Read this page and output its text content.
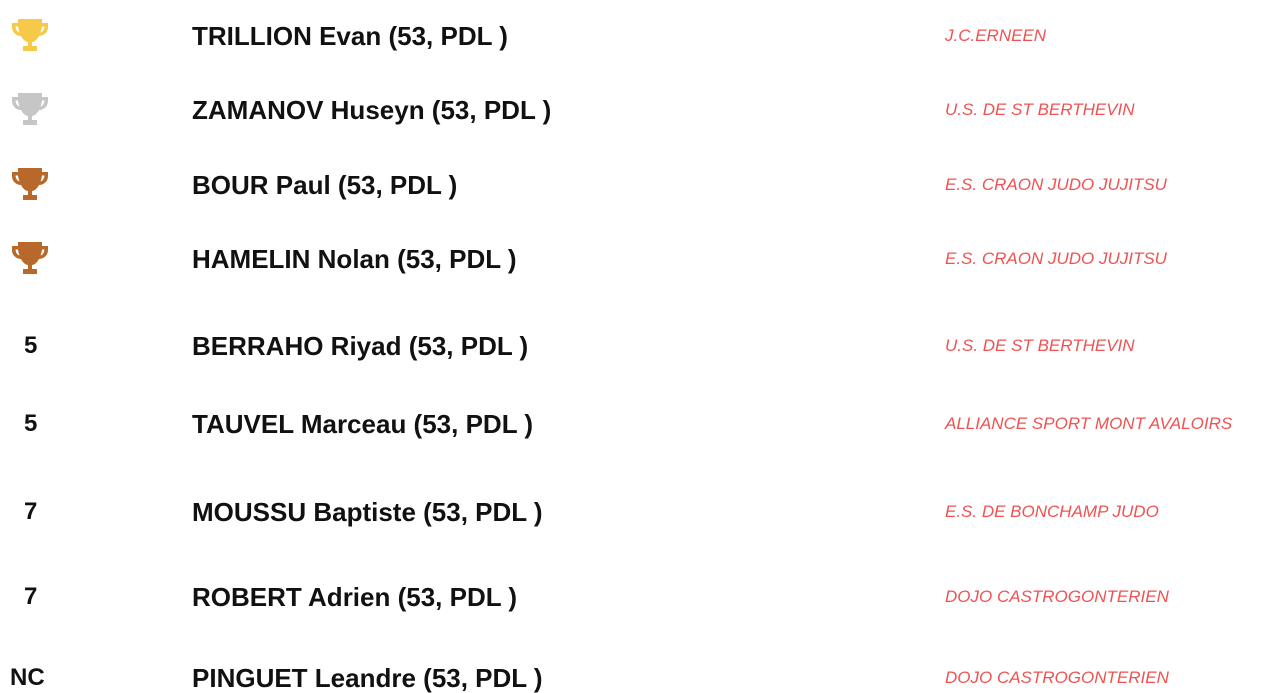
TRILLION Evan (53, PDL )	J.C.ERNEEN
ZAMANOV Huseyn (53, PDL )	U.S. DE ST BERTHEVIN
BOUR Paul (53, PDL )	E.S. CRAON JUDO JUJITSU
HAMELIN Nolan (53, PDL )	E.S. CRAON JUDO JUJITSU
5	BERRAHO Riyad (53, PDL )	U.S. DE ST BERTHEVIN
5	TAUVEL Marceau (53, PDL )	ALLIANCE SPORT MONT AVALOIRS
7	MOUSSU Baptiste (53, PDL )	E.S. DE BONCHAMP JUDO
7	ROBERT Adrien (53, PDL )	DOJO CASTROGONTERIEN
NC	PINGUET Leandre (53, PDL )	DOJO CASTROGONTERIEN
